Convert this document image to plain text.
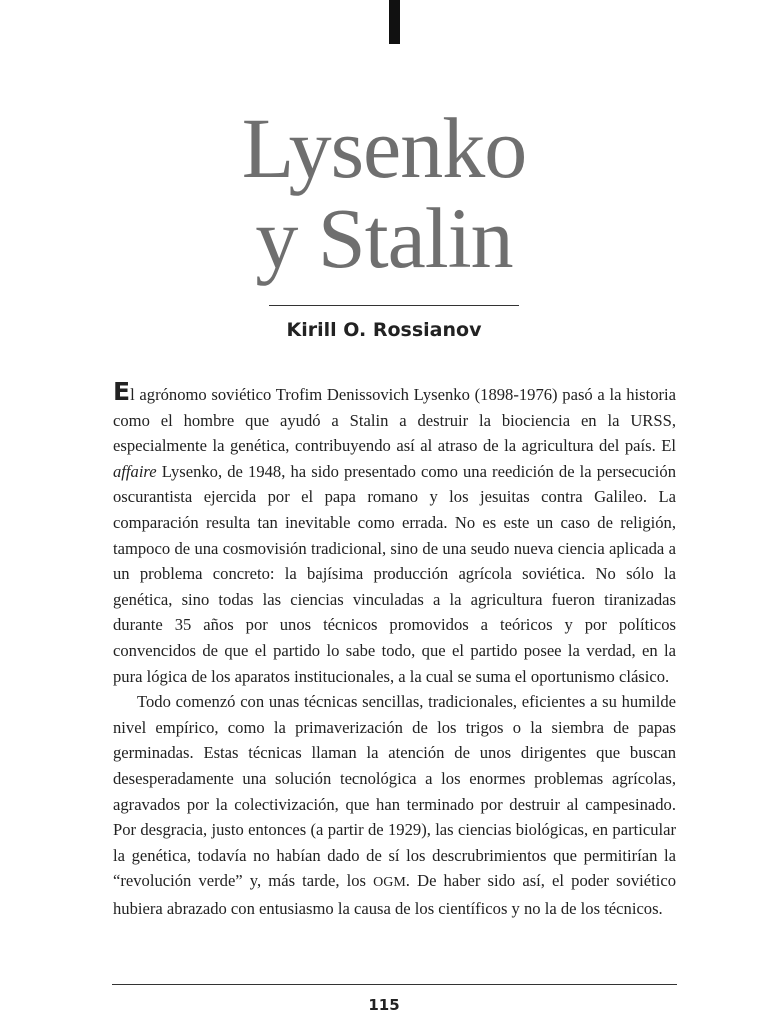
Lysenko
y Stalin
Kirill O. Rossianov

El agrónomo soviético Trofim Denissovich Lysenko (1898-1976) pasó a la historia como el hombre que ayudó a Stalin a destruir la biociencia en la URSS, especialmente la genética, contribuyendo así al atraso de la agricultura del país. El affaire Lysenko, de 1948, ha sido presentado como una reedición de la persecución oscurantista ejercida por el papa romano y los jesuitas contra Galileo. La comparación resulta tan inevitable como errada. No es este un caso de religión, tampoco de una cosmovisión tradicional, sino de una seudo nueva ciencia aplicada a un problema concreto: la bajísima producción agrícola soviética. No sólo la genética, sino todas las ciencias vinculadas a la agricultura fueron tiranizadas durante 35 años por unos técnicos promovidos a teóricos y por políticos convencidos de que el partido lo sabe todo, que el partido posee la verdad, en la pura lógica de los aparatos institucionales, a la cual se suma el oportunismo clásico.

Todo comenzó con unas técnicas sencillas, tradicionales, eficientes a su humilde nivel empírico, como la primaverización de los trigos o la siembra de papas germinadas. Estas técnicas llaman la atención de unos dirigentes que buscan desesperadamente una solución tecnológica a los enormes problemas agrícolas, agravados por la colectivización, que han terminado por destruir al campesinado. Por desgracia, justo entonces (a partir de 1929), las ciencias biológicas, en particular la genética, todavía no habían dado de sí los descrubrimientos que permitirían la “revolución verde” y, más tarde, los OGM. De haber sido así, el poder soviético hubiera abrazado con entusiasmo la causa de los científicos y no la de los técnicos.

115
